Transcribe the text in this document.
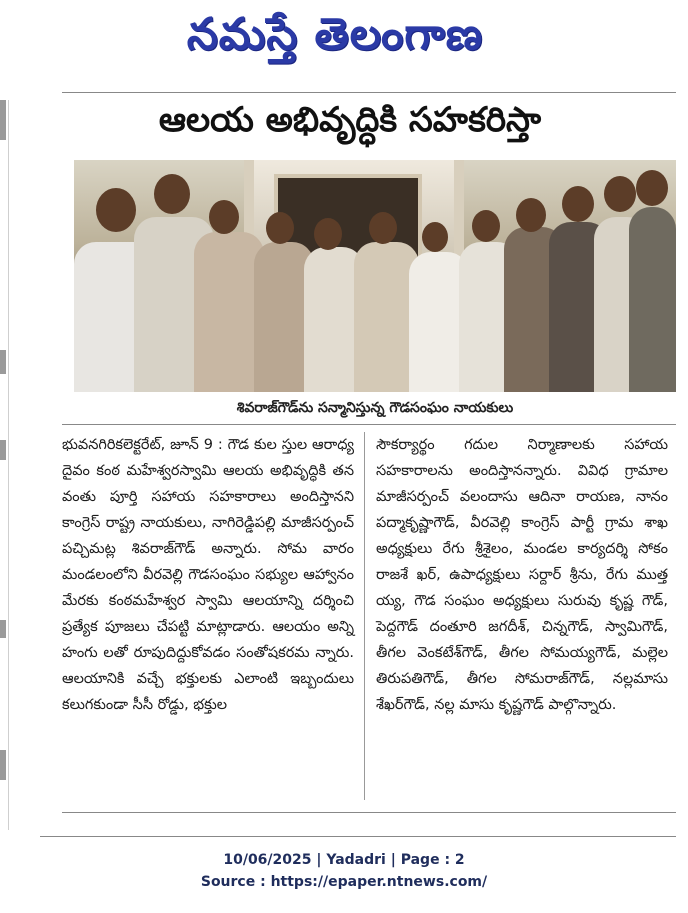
నమస్తే తెలంగాణ
ఆలయ అభివృద్ధికి సహకరిస్తా
శివరాజ్‌గౌడ్‌ను సన్మానిస్తున్న గౌడసంఘం నాయకులు

భువనగిరికలెక్టరేట్, జూన్ 9 : గౌడ కుల స్తుల ఆరాధ్య దైవం కంఠ మహేశ్వరస్వామి ఆలయ అభివృద్ధికి తన వంతు పూర్తి సహాయ సహకారాలు అందిస్తానని కాంగ్రెస్ రాష్ట్ర నాయకులు, నాగిరెడ్డిపల్లి మాజీసర్పంచ్ పచ్చిమట్ల శివరాజ్‌గౌడ్ అన్నారు. సోమ వారం మండలంలోని వీరవెల్లి గౌడసంఘం సభ్యుల ఆహ్వానం మేరకు కంఠమహేశ్వర స్వామి ఆలయాన్ని దర్శించి ప్రత్యేక పూజలు చేపట్టి మాట్లాడారు. ఆలయం అన్ని హంగు లతో రూపుదిద్దుకోవడం సంతోషకరమ న్నారు. ఆలయానికి వచ్చే భక్తులకు ఎలాంటి ఇబ్బందులు కలుగకుండా సీసీ రోడ్డు, భక్తుల

సౌకర్యార్థం గదుల నిర్మాణాలకు సహాయ సహకారాలను అందిస్తానన్నారు. వివిధ గ్రామాల మాజీసర్పంచ్ వలందాసు ఆదినా రాయణ, నానం పద్మాకృష్ణాగౌడ్, వీరవెల్లి కాంగ్రెస్ పార్టీ గ్రామ శాఖ అధ్యక్షులు రేగు శ్రీశైలం, మండల కార్యదర్శి సోకం రాజశే ఖర్, ఉపాధ్యక్షులు సర్దార్ శ్రీను, రేగు ముత్త య్య, గౌడ సంఘం అధ్యక్షులు సురువు కృష్ణ గౌడ్, పెద్దగౌడ్ దంతూరి జగదీశ్, చిన్నగౌడ్, స్వామిగౌడ్, తీగల వెంకటేశ్‌గౌడ్, తీగల సోమయ్యగౌడ్, మల్లెల తిరుపతిగౌడ్, తీగల సోమరాజ్‌గౌడ్, నల్లమాసు శేఖర్‌గౌడ్, నల్ల మాసు కృష్ణగౌడ్ పాల్గొన్నారు.

10/06/2025 | Yadadri | Page : 2
Source : https://epaper.ntnews.com/
